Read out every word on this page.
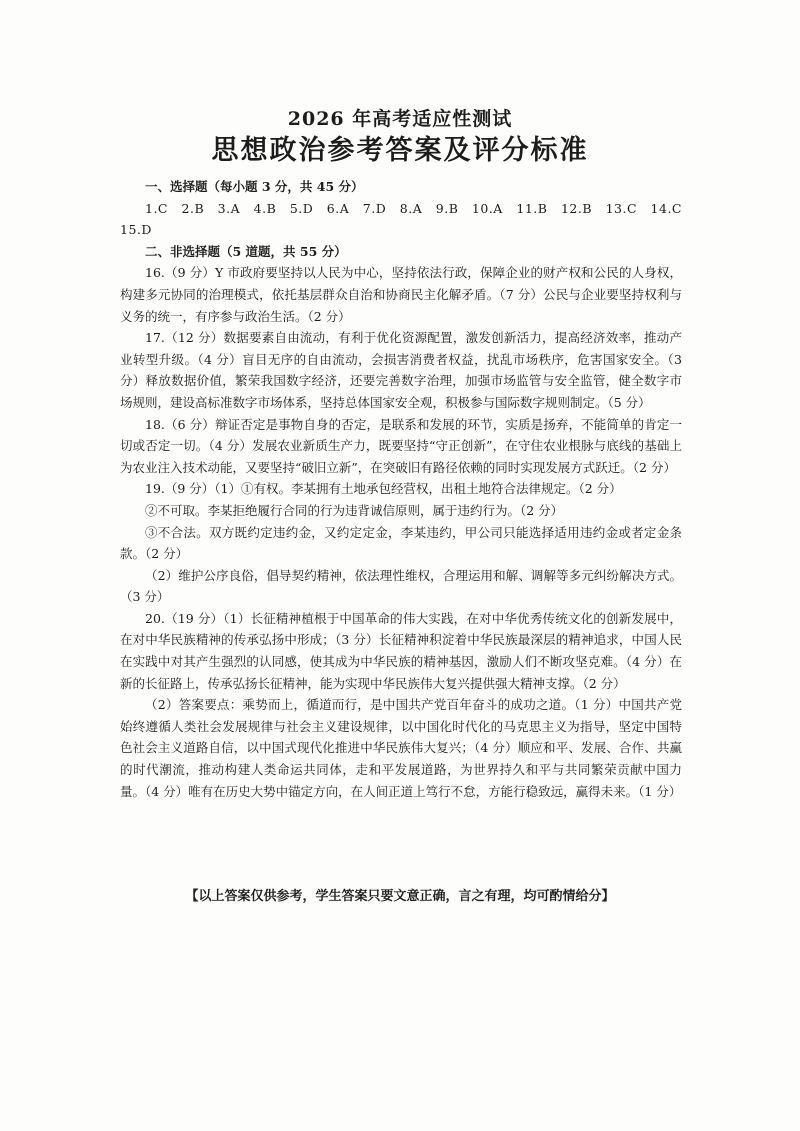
2026 年高考适应性测试
思想政治参考答案及评分标准

一、选择题（每小题 3 分，共 45 分）

1.C　2.B　3.A　4.B　5.D　6.A　7.D　8.A　9.B　10.A　11.B　12.B　13.C　14.C　15.D

二、非选择题（5 道题，共 55 分）

16.（9 分）Y 市政府要坚持以人民为中心，坚持依法行政，保障企业的财产权和公民的人身权，构建多元协同的治理模式，依托基层群众自治和协商民主化解矛盾。（7 分）公民与企业要坚持权利与义务的统一，有序参与政治生活。（2 分）

17.（12 分）数据要素自由流动，有利于优化资源配置，激发创新活力，提高经济效率，推动产业转型升级。（4 分）盲目无序的自由流动，会损害消费者权益，扰乱市场秩序，危害国家安全。（3 分）释放数据价值，繁荣我国数字经济，还要完善数字治理，加强市场监管与安全监管，健全数字市场规则，建设高标准数字市场体系，坚持总体国家安全观，积极参与国际数字规则制定。（5 分）

18.（6 分）辩证否定是事物自身的否定，是联系和发展的环节，实质是扬弃，不能简单的肯定一切或否定一切。（4 分）发展农业新质生产力，既要坚持“守正创新”，在守住农业根脉与底线的基础上为农业注入技术动能，又要坚持“破旧立新”，在突破旧有路径依赖的同时实现发展方式跃迁。（2 分）

19.（9 分）（1）①有权。李某拥有土地承包经营权，出租土地符合法律规定。（2 分）

②不可取。李某拒绝履行合同的行为违背诚信原则，属于违约行为。（2 分）

③不合法。双方既约定违约金，又约定定金，李某违约，甲公司只能选择适用违约金或者定金条款。（2 分）

（2）维护公序良俗，倡导契约精神，依法理性维权，合理运用和解、调解等多元纠纷解决方式。（3 分）

20.（19 分）（1）长征精神植根于中国革命的伟大实践，在对中华优秀传统文化的创新发展中，在对中华民族精神的传承弘扬中形成；（3 分）长征精神积淀着中华民族最深层的精神追求，中国人民在实践中对其产生强烈的认同感，使其成为中华民族的精神基因，激励人们不断攻坚克难。（4 分）在新的长征路上，传承弘扬长征精神，能为实现中华民族伟大复兴提供强大精神支撑。（2 分）

（2）答案要点：乘势而上，循道而行，是中国共产党百年奋斗的成功之道。（1 分）中国共产党始终遵循人类社会发展规律与社会主义建设规律，以中国化时代化的马克思主义为指导，坚定中国特色社会主义道路自信，以中国式现代化推进中华民族伟大复兴；（4 分）顺应和平、发展、合作、共赢的时代潮流，推动构建人类命运共同体，走和平发展道路，为世界持久和平与共同繁荣贡献中国力量。（4 分）唯有在历史大势中锚定方向，在人间正道上笃行不怠，方能行稳致远，赢得未来。（1 分）

【以上答案仅供参考，学生答案只要文意正确，言之有理，均可酌情给分】
